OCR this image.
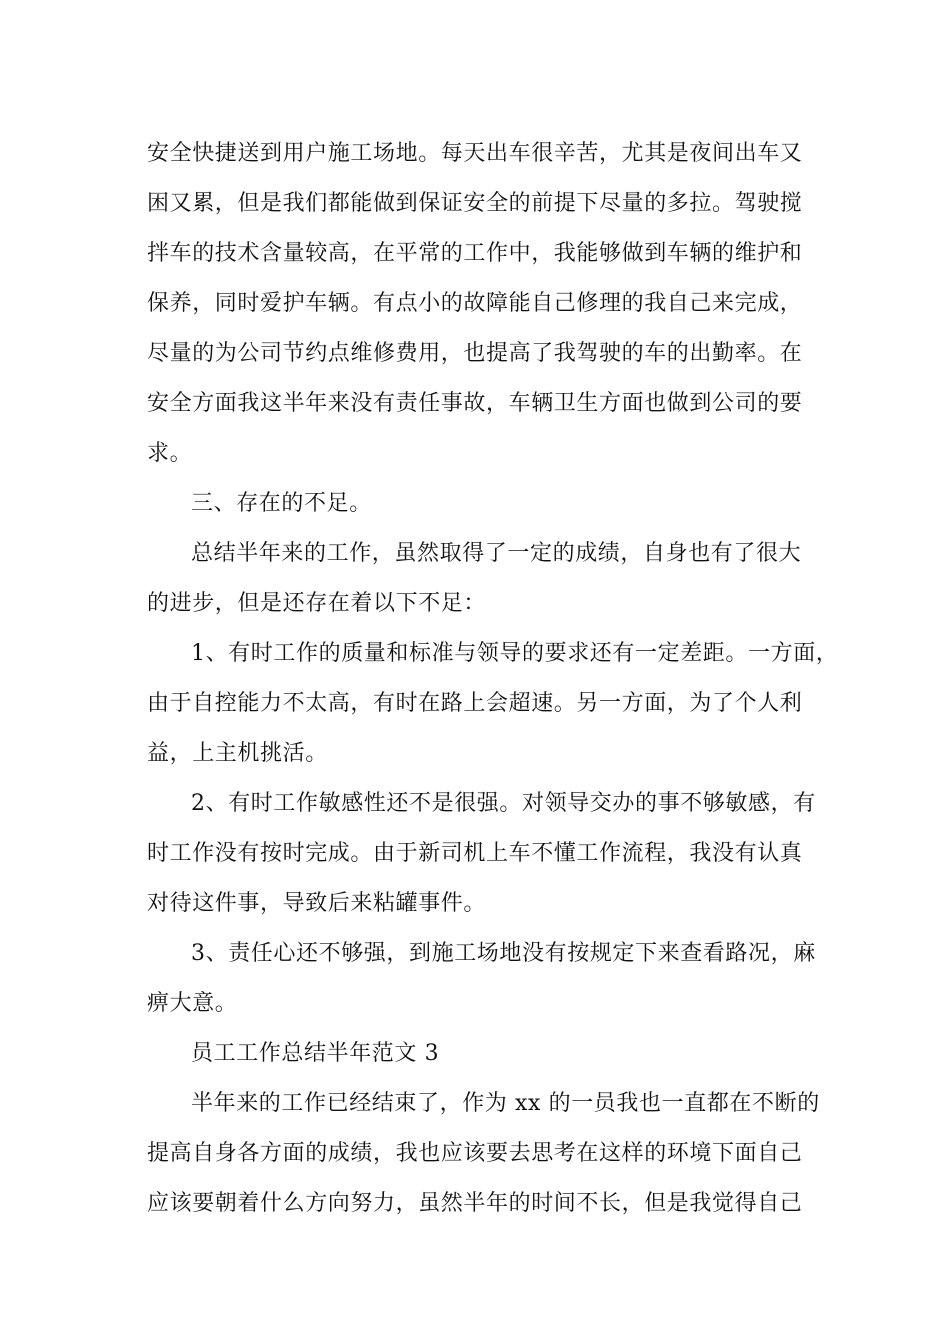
安全快捷送到用户施工场地。每天出车很辛苦，尤其是夜间出车又
困又累，但是我们都能做到保证安全的前提下尽量的多拉。驾驶搅
拌车的技术含量较高，在平常的工作中，我能够做到车辆的维护和
保养，同时爱护车辆。有点小的故障能自己修理的我自己来完成，
尽量的为公司节约点维修费用，也提高了我驾驶的车的出勤率。在
安全方面我这半年来没有责任事故，车辆卫生方面也做到公司的要
求。
三、存在的不足。
总结半年来的工作，虽然取得了一定的成绩，自身也有了很大
的进步，但是还存在着以下不足：
1、有时工作的质量和标准与领导的要求还有一定差距。一方面，
由于自控能力不太高，有时在路上会超速。另一方面，为了个人利
益，上主机挑活。
2、有时工作敏感性还不是很强。对领导交办的事不够敏感，有
时工作没有按时完成。由于新司机上车不懂工作流程，我没有认真
对待这件事，导致后来粘罐事件。
3、责任心还不够强，到施工场地没有按规定下来查看路况，麻
痹大意。
员工工作总结半年范文 3
半年来的工作已经结束了，作为 xx 的一员我也一直都在不断的
提高自身各方面的成绩，我也应该要去思考在这样的环境下面自己
应该要朝着什么方向努力，虽然半年的时间不长，但是我觉得自己
